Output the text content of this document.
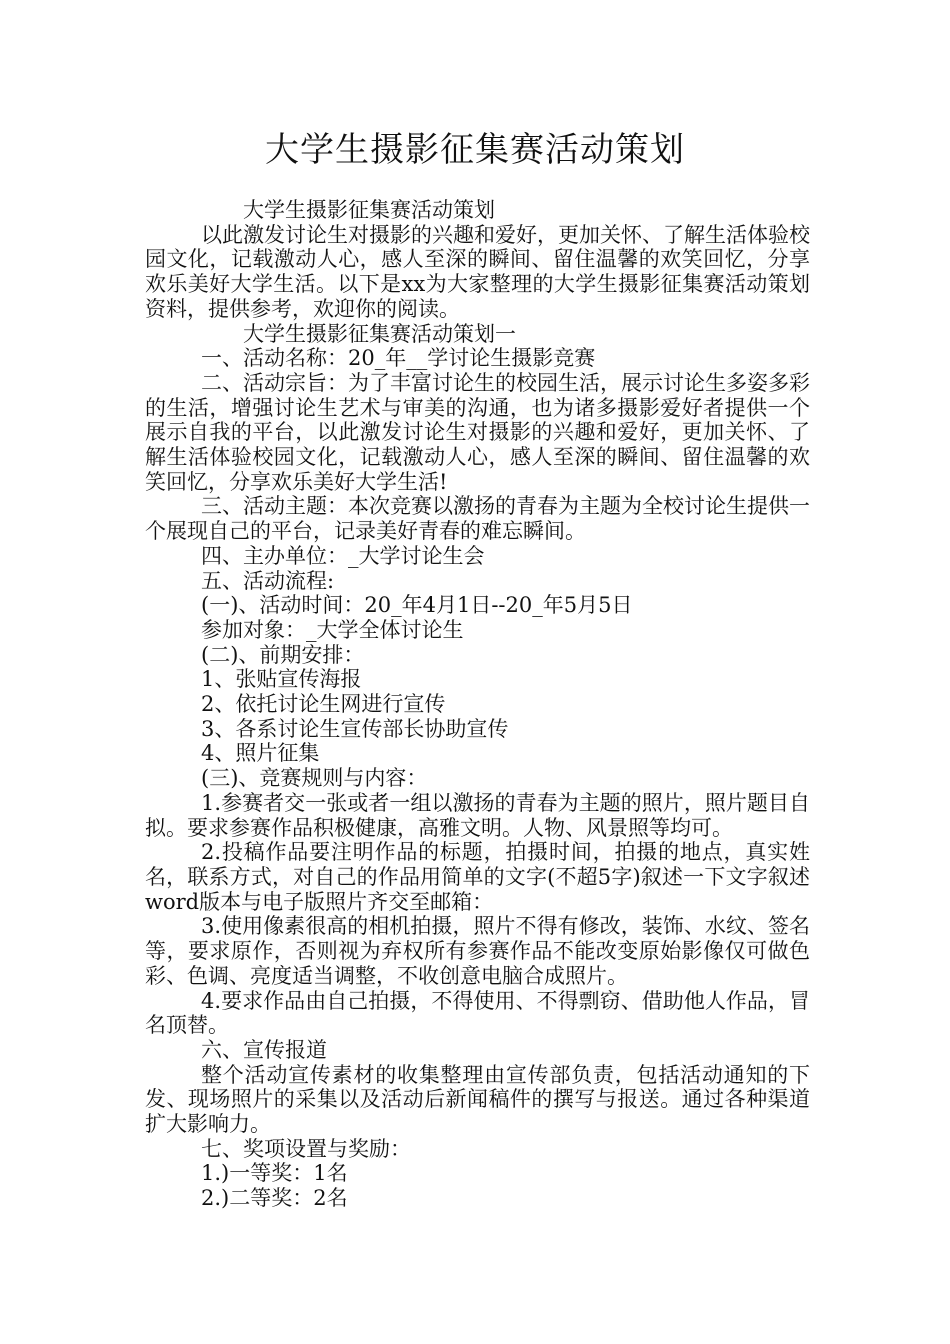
大学生摄影征集赛活动策划

大学生摄影征集赛活动策划

以此激发讨论生对摄影的兴趣和爱好，更加关怀、了解生活体验校园文化，记载激动人心，感人至深的瞬间、留住温馨的欢笑回忆，分享欢乐美好大学生活。以下是xx为大家整理的大学生摄影征集赛活动策划资料，提供参考，欢迎你的阅读。

大学生摄影征集赛活动策划一

一、活动名称：20_年__学讨论生摄影竞赛

二、活动宗旨：为了丰富讨论生的校园生活，展示讨论生多姿多彩的生活，增强讨论生艺术与审美的沟通，也为诸多摄影爱好者提供一个展示自我的平台，以此激发讨论生对摄影的兴趣和爱好，更加关怀、了解生活体验校园文化，记载激动人心，感人至深的瞬间、留住温馨的欢笑回忆，分享欢乐美好大学生活!

三、活动主题：本次竞赛以激扬的青春为主题为全校讨论生提供一个展现自己的平台，记录美好青春的难忘瞬间。

四、主办单位：_大学讨论生会

五、活动流程:

(一)、活动时间：20_年4月1日--20_年5月5日

参加对象：_大学全体讨论生

(二)、前期安排：

1、张贴宣传海报

2、依托讨论生网进行宣传

3、各系讨论生宣传部长协助宣传

4、照片征集

(三)、竞赛规则与内容：

1.参赛者交一张或者一组以激扬的青春为主题的照片，照片题目自拟。要求参赛作品积极健康，高雅文明。人物、风景照等均可。

2.投稿作品要注明作品的标题，拍摄时间，拍摄的地点，真实姓名，联系方式，对自己的作品用简单的文字(不超5字)叙述一下文字叙述word版本与电子版照片齐交至邮箱：

3.使用像素很高的相机拍摄，照片不得有修改，装饰、水纹、签名等，要求原作，否则视为弃权所有参赛作品不能改变原始影像仅可做色彩、色调、亮度适当调整，不收创意电脑合成照片。

4.要求作品由自己拍摄，不得使用、不得剽窃、借助他人作品，冒名顶替。

六、宣传报道

整个活动宣传素材的收集整理由宣传部负责，包括活动通知的下发、现场照片的采集以及活动后新闻稿件的撰写与报送。通过各种渠道扩大影响力。

七、奖项设置与奖励：

1.)一等奖：1名

2.)二等奖：2名
